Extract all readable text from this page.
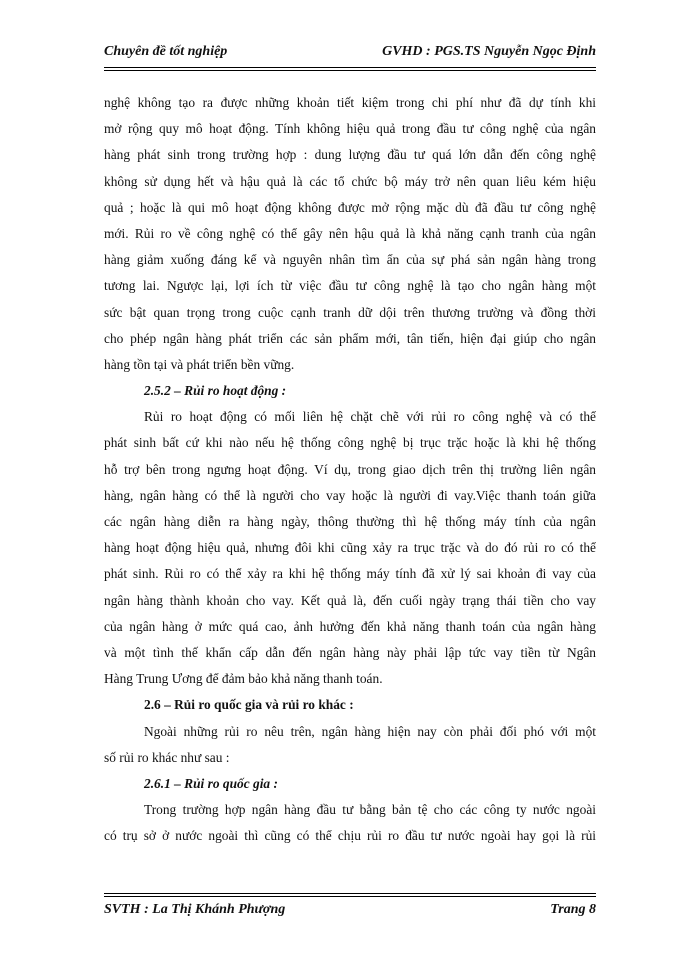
Chuyên đề tốt nghiệp	GVHD : PGS.TS Nguyễn Ngọc Định
nghệ không tạo ra được những khoản tiết kiệm trong chi phí như đã dự tính khi
mở rộng quy mô hoạt động. Tính không hiệu quả trong đầu tư công nghệ của ngân
hàng phát sinh trong trường hợp : dung lượng đầu tư quá lớn dẫn đến công nghệ
không sử dụng hết và hậu quả là các tổ chức bộ máy trở nên quan liêu kém hiệu
quả ; hoặc là qui mô hoạt động không được mở rộng mặc dù đã đầu tư công nghệ
mới. Rủi ro về công nghệ có thể gây nên hậu quả là khả năng cạnh tranh của ngân
hàng giảm xuống đáng kể và nguyên nhân tìm ẩn của sự phá sản ngân hàng trong
tương lai. Ngược lại, lợi ích từ việc đầu tư công nghệ là tạo cho ngân hàng một
sức bật quan trọng trong cuộc cạnh tranh dữ dội trên thương trường và đồng thời
cho phép ngân hàng phát triển các sản phẩm mới, tân tiến, hiện đại giúp cho ngân
hàng tồn tại và phát triển bền vững.
2.5.2 – Rủi ro hoạt động :
Rủi ro hoạt động có mối liên hệ chặt chẽ với rủi ro công nghệ và có thể
phát sinh bất cứ khi nào nếu hệ thống công nghệ bị trục trặc hoặc là khi hệ thống
hỗ trợ bên trong ngưng hoạt động. Ví dụ, trong giao dịch trên thị trường liên ngân
hàng, ngân hàng có thể là người cho vay hoặc là người đi vay.Việc thanh toán giữa
các ngân hàng diễn ra hàng ngày, thông thường thì hệ thống máy tính của ngân
hàng hoạt động hiệu quả, nhưng đôi khi cũng xảy ra trục trặc và do đó rủi ro có thể
phát sinh. Rủi ro có thể xảy ra khi hệ thống máy tính đã xử lý sai khoản đi vay của
ngân hàng thành khoản cho vay. Kết quả là, đến cuối ngày trạng thái tiền cho vay
của ngân hàng ở mức quá cao, ảnh hưởng đến khả năng thanh toán của ngân hàng
và một tình thế khẩn cấp dẫn đến ngân hàng này phải lập tức vay tiền từ Ngân
Hàng Trung Ương để đảm bảo khả năng thanh toán.
2.6 – Rủi ro quốc gia và rủi ro khác :
Ngoài những rủi ro nêu trên, ngân hàng hiện nay còn phải đối phó với một
số rủi ro khác như sau :
2.6.1 – Rủi ro quốc gia :
Trong trường hợp ngân hàng đầu tư bằng bản tệ cho các công ty nước ngoài
có trụ sở ở nước ngoài thì cũng có thể chịu rủi ro đầu tư nước ngoài hay gọi là rủi
SVTH : La Thị Khánh Phượng	Trang 8
